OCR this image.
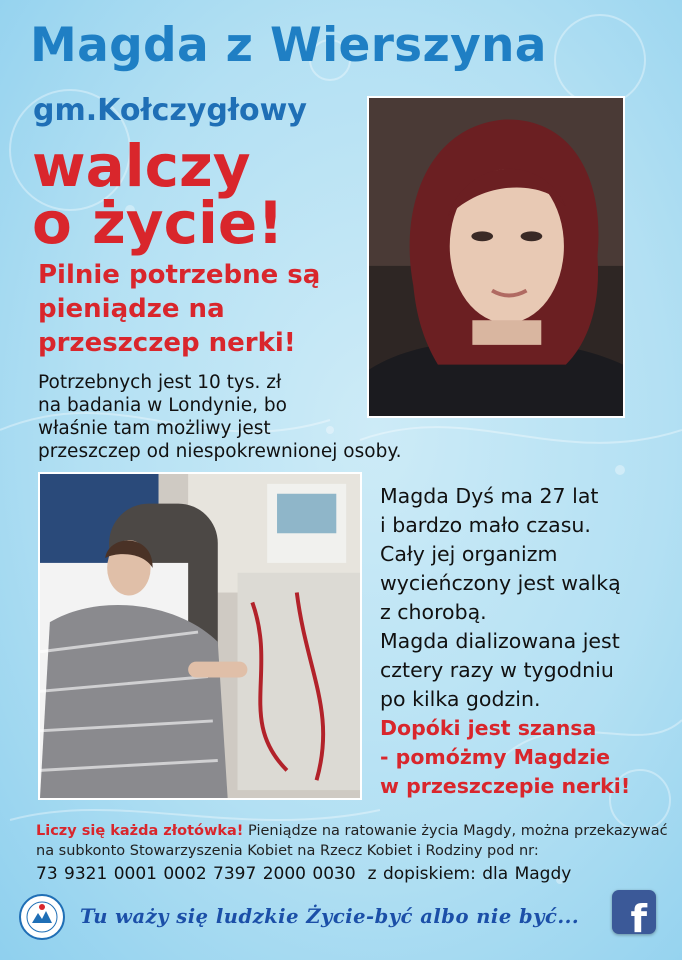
Magda z Wierszyna
gm.Kołczygłowy
walczy
o życie!
Pilnie potrzebne są
pieniądze na
przeszczep nerki!
Potrzebnych jest 10 tys. zł
na badania w Londynie, bo
właśnie tam możliwy jest
przeszczep od niespokrewnionej osoby.
Magda Dyś ma 27 lat
i bardzo mało czasu.
Cały jej organizm
wycieńczony jest walką
z chorobą.
Magda dializowana jest
cztery razy w tygodniu
po kilka godzin.
Dopóki jest szansa
- pomóżmy Magdzie
w przeszczepie nerki!
Liczy się każda złotówka! Pieniądze na ratowanie życia Magdy, można przekazywać
na subkonto Stowarzyszenia Kobiet na Rzecz Kobiet i Rodziny pod nr:
73 9321 0001 0002 7397 2000 0030 z dopiskiem: dla Magdy
Tu waży się ludzkie Życie-być albo nie być... f
